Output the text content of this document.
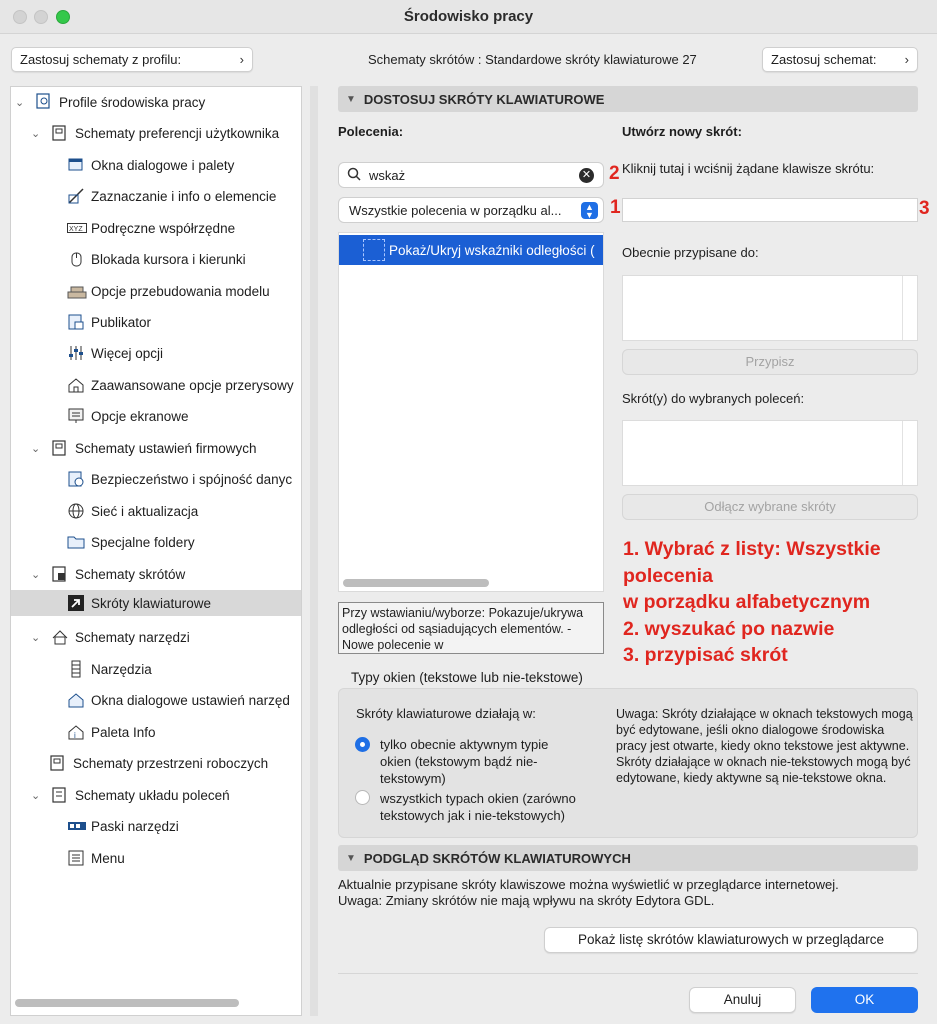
Środowisko pracy
Zastosuj schematy z profilu:	›	Schematy skrótów : Standardowe skróty klawiaturowe 27	Zastosuj schemat: ›
⌄	Profile środowiska pracy
⌄	Schematy preferencji użytkownika
Okna dialogowe i palety
Zaznaczanie i info o elemencie
XYZ Podręczne współrzędne
Blokada kursora i kierunki
Opcje przebudowania modelu
Publikator
Więcej opcji
Zaawansowane opcje przerysowy
Opcje ekranowe
⌄	Schematy ustawień firmowych
Bezpieczeństwo i spójność danyc
Sieć i aktualizacja
Specjalne foldery
⌄	Schematy skrótów
Skróty klawiaturowe
⌄	Schematy narzędzi
Narzędzia
Okna dialogowe ustawień narzęd
i Paleta Info
Schematy przestrzeni roboczych
⌄	Schematy układu poleceń
Paski narzędzi
Menu
▼ DOSTOSUJ SKRÓTY KLAWIATUROWE
Polecenia:	Utwórz nowy skrót:
wskaż	✕
Wszystkie polecenia w porządku al...	▲
▼
Pokaż/Ukryj wskaźniki odległości (
Przy wstawianiu/wyborze: Pokazuje/ukrywa odległości od sąsiadujących elementów. - Nowe polecenie w
2
1	3
Kliknij tutaj i wciśnij żądane klawisze skrótu:
Obecnie przypisane do:
Przypisz
Skrót(y) do wybranych poleceń:
Odłącz wybrane skróty
1. Wybrać z listy: Wszystkie
polecenia
w porządku alfabetycznym
2. wyszukać po nazwie
3. przypisać skrót
Typy okien (tekstowe lub nie-tekstowe)
Skróty klawiaturowe działają w:
tylko obecnie aktywnym typie
okien (tekstowym bądź nie-
tekstowym)
wszystkich typach okien (zarówno
tekstowych jak i nie-tekstowych)
Uwaga: Skróty działające w oknach tekstowych mogą być edytowane, jeśli okno dialogowe środowiska pracy jest otwarte, kiedy okno tekstowe jest aktywne. Skróty działające w oknach nie-tekstowych mogą być edytowane, kiedy aktywne są nie-tekstowe okna.
▼ PODGLĄD SKRÓTÓW KLAWIATUROWYCH
Aktualnie przypisane skróty klawiszowe można wyświetlić w przeglądarce internetowej.
Uwaga: Zmiany skrótów nie mają wpływu na skróty Edytora GDL.
Pokaż listę skrótów klawiaturowych w przeglądarce
Anuluj	OK
